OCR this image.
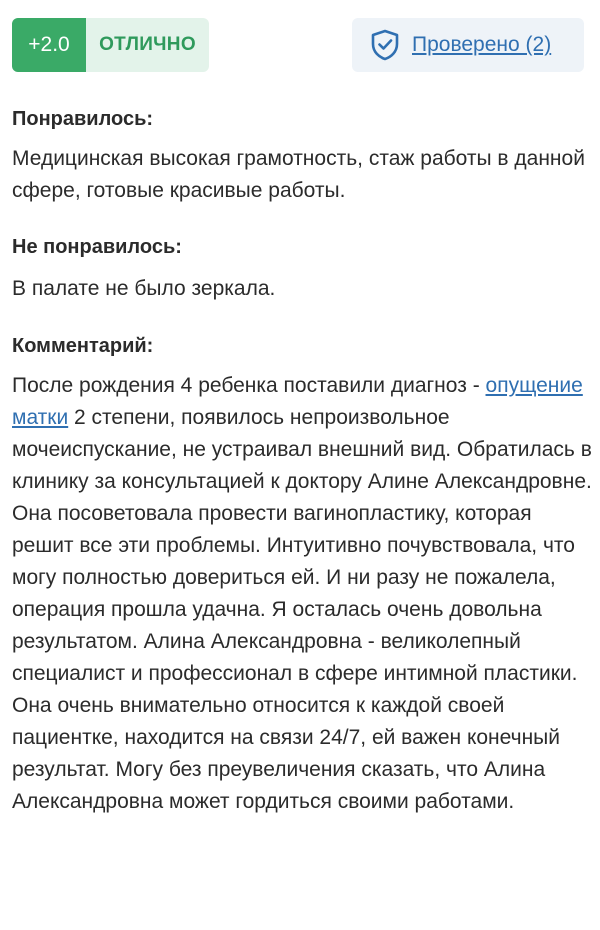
+2.0	ОТЛИЧНО	Проверено (2)
Понравилось:
Медицинская высокая грамотность, стаж работы в данной сфере, готовые красивые работы.
Не понравилось:
В палате не было зеркала.
Комментарий:
После рождения 4 ребенка поставили диагноз - опущение матки 2 степени, появилось непроизвольное мочеиспускание, не устраивал внешний вид. Обратилась в клинику за консультацией к доктору Алине Александровне. Она посоветовала провести вагинопластику, которая решит все эти проблемы. Интуитивно почувствовала, что могу полностью довериться ей. И ни разу не пожалела, операция прошла удачна. Я осталась очень довольна результатом. Алина Александровна - великолепный специалист и профессионал в сфере интимной пластики. Она очень внимательно относится к каждой своей пациентке, находится на связи 24/7, ей важен конечный результат. Могу без преувеличения сказать, что Алина Александровна может гордиться своими работами.
